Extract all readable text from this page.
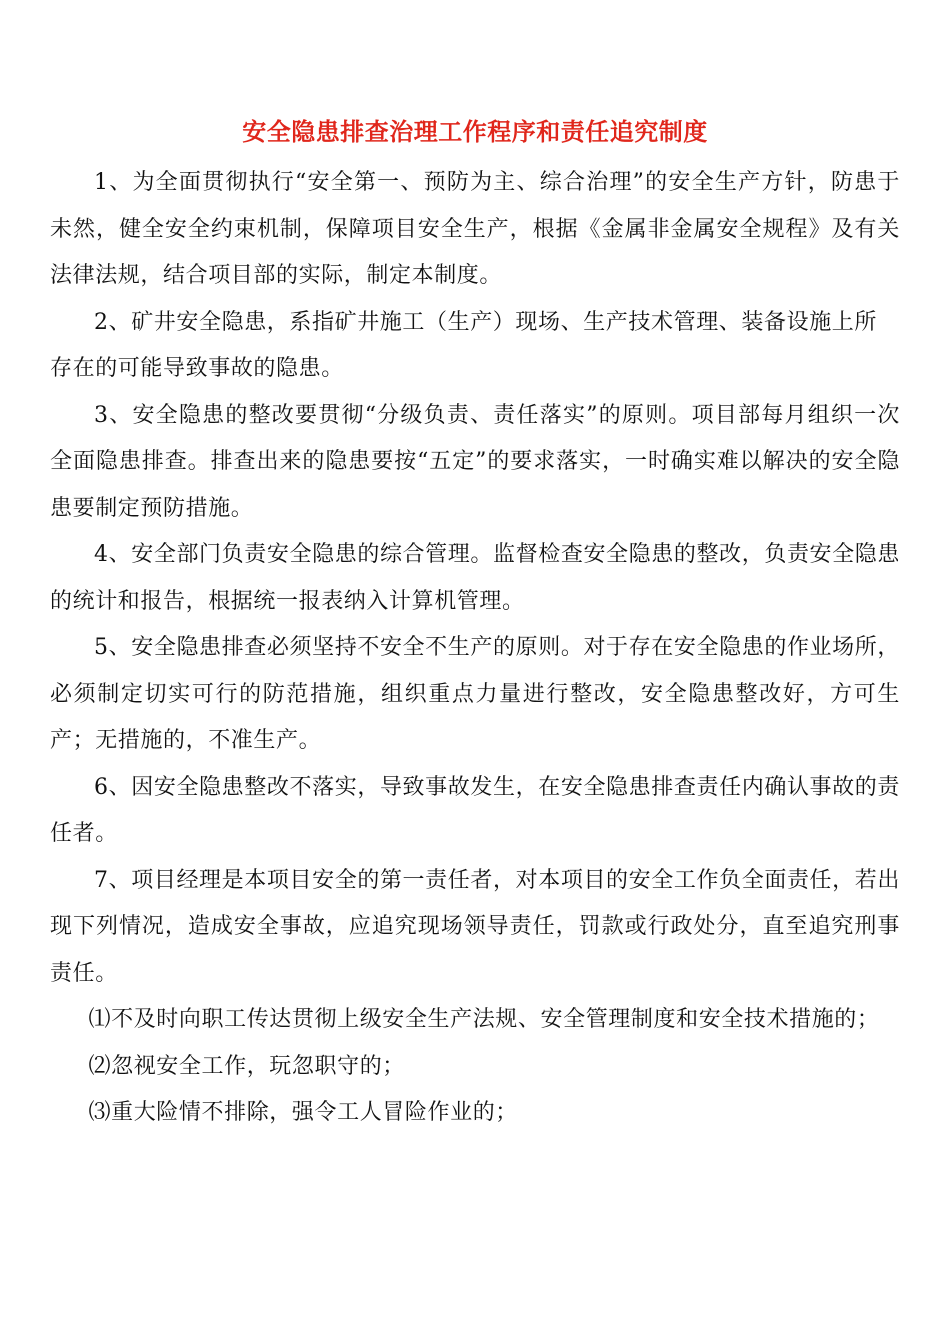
安全隐患排查治理工作程序和责任追究制度

1、为全面贯彻执行“安全第一、预防为主、综合治理”的安全生产方针，防患于未然，健全安全约束机制，保障项目安全生产，根据《金属非金属安全规程》及有关法律法规，结合项目部的实际，制定本制度。

2、矿井安全隐患，系指矿井施工（生产）现场、生产技术管理、装备设施上所

存在的可能导致事故的隐患。

3、安全隐患的整改要贯彻“分级负责、责任落实”的原则。项目部每月组织一次全面隐患排查。排查出来的隐患要按“五定”的要求落实，一时确实难以解决的安全隐患要制定预防措施。

4、安全部门负责安全隐患的综合管理。监督检查安全隐患的整改，负责安全隐患的统计和报告，根据统一报表纳入计算机管理。

5、安全隐患排查必须坚持不安全不生产的原则。对于存在安全隐患的作业场所，必须制定切实可行的防范措施，组织重点力量进行整改，安全隐患整改好，方可生产；无措施的，不准生产。

6、因安全隐患整改不落实，导致事故发生，在安全隐患排查责任内确认事故的责任者。

7、项目经理是本项目安全的第一责任者，对本项目的安全工作负全面责任，若出现下列情况，造成安全事故，应追究现场领导责任，罚款或行政处分，直至追究刑事责任。

⑴不及时向职工传达贯彻上级安全生产法规、安全管理制度和安全技术措施的；

⑵忽视安全工作，玩忽职守的；

⑶重大险情不排除，强令工人冒险作业的；
